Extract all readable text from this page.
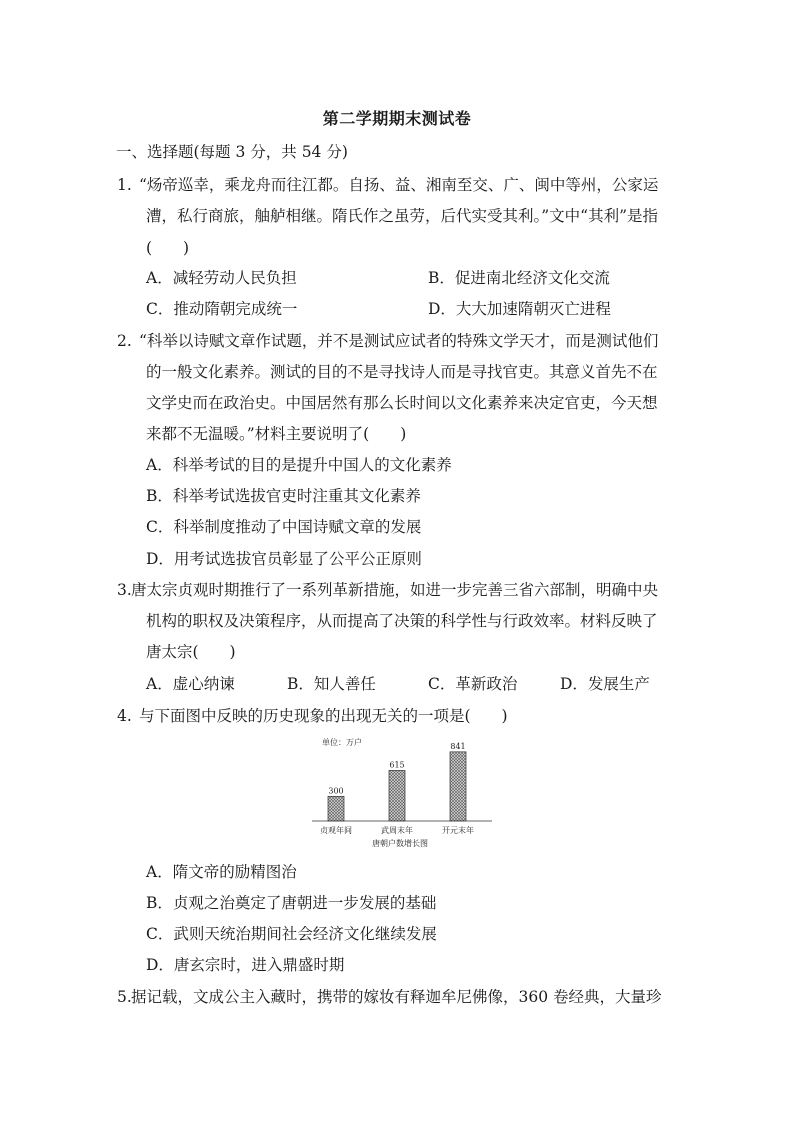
第二学期期末测试卷
一、选择题(每题 3 分，共 54 分)
1. “炀帝巡幸，乘龙舟而往江都。自扬、益、湘南至交、广、闽中等州，公家运
漕，私行商旅，舳舻相继。隋氏作之虽劳，后代实受其利。”文中“其利”是指
(　　)
A．减轻劳动人民负担	B．促进南北经济文化交流
C．推动隋朝完成统一	D．大大加速隋朝灭亡进程
2. “科举以诗赋文章作试题，并不是测试应试者的特殊文学天才，而是测试他们
的一般文化素养。测试的目的不是寻找诗人而是寻找官吏。其意义首先不在
文学史而在政治史。中国居然有那么长时间以文化素养来决定官吏，今天想
来都不无温暖。”材料主要说明了(　　)
A．科举考试的目的是提升中国人的文化素养
B．科举考试选拔官吏时注重其文化素养
C．科举制度推动了中国诗赋文章的发展
D．用考试选拔官员彰显了公平公正原则
3. 唐太宗贞观时期推行了一系列革新措施，如进一步完善三省六部制，明确中央
机构的职权及决策程序，从而提高了决策的科学性与行政效率。材料反映了
唐太宗(　　)
A．虚心纳谏	B．知人善任	C．革新政治	D．发展生产
4. 与下面图中反映的历史现象的出现无关的一项是(　　)
单位：万户
300
615
841
贞观年间	武周末年	开元末年
唐朝户数增长图
A．隋文帝的励精图治
B．贞观之治奠定了唐朝进一步发展的基础
C．武则天统治期间社会经济文化继续发展
D．唐玄宗时，进入鼎盛时期
5. 据记载，文成公主入藏时，携带的嫁妆有释迦牟尼佛像，360 卷经典，大量珍
